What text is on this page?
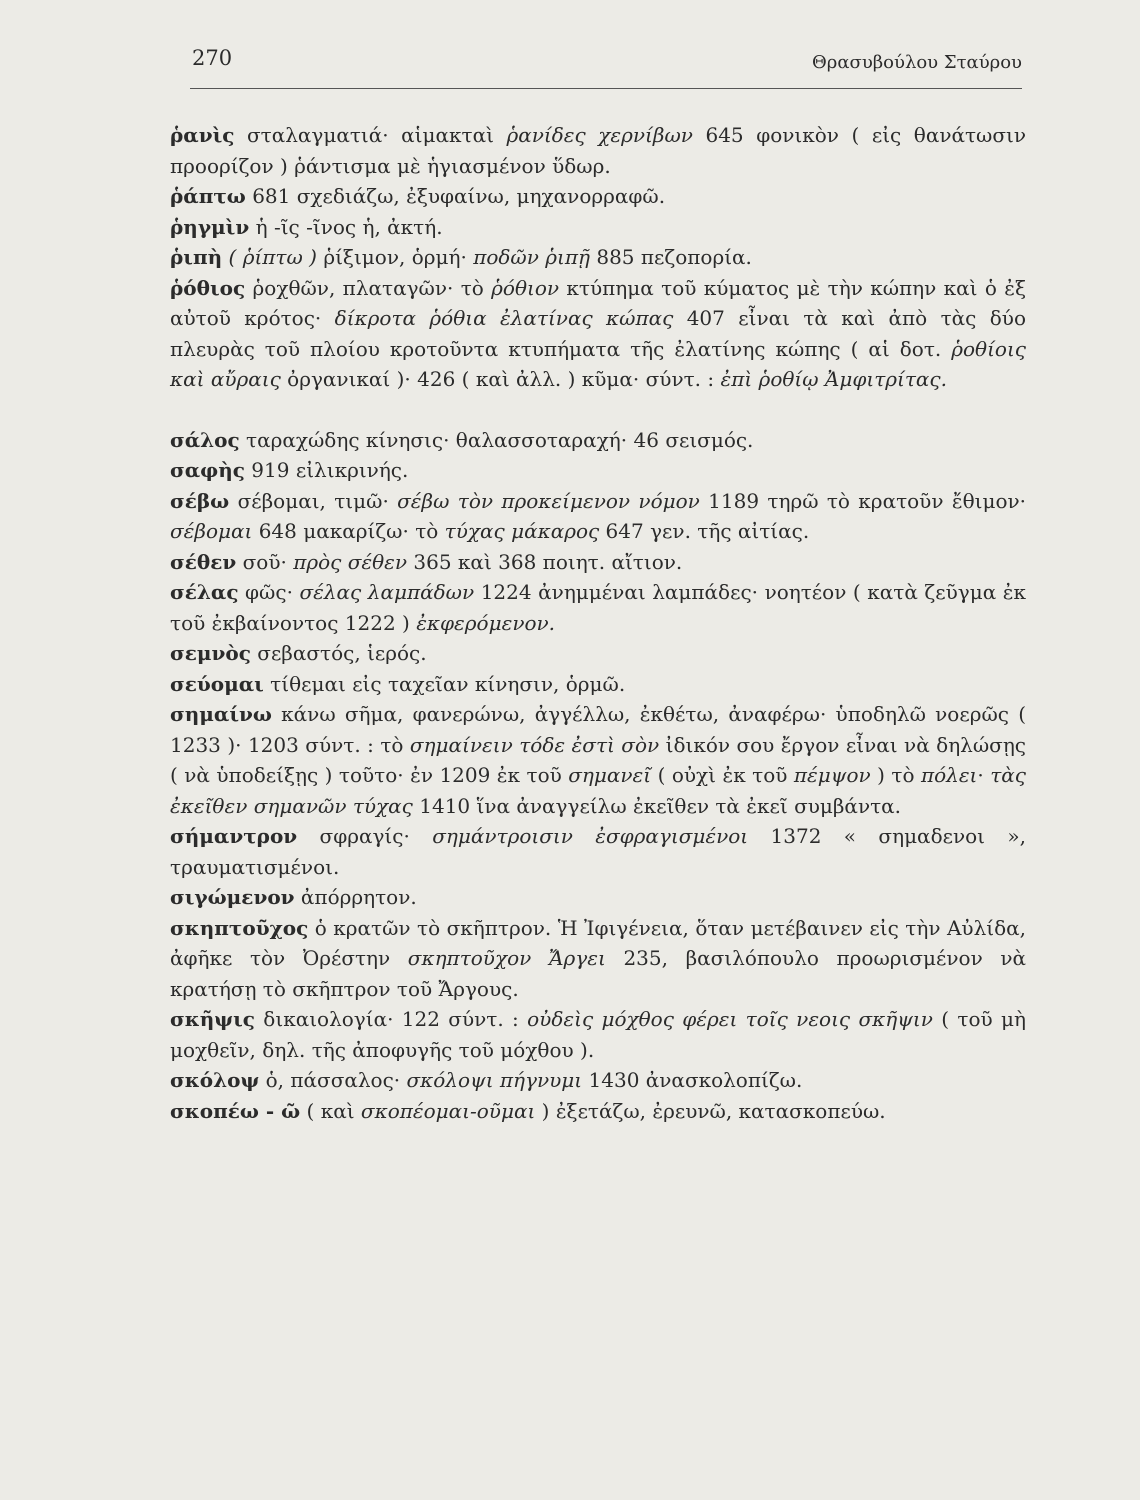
270	Θρασυβούλου Σταύρου

ῥανὶς σταλαγματιά· αἱμακταὶ ῥανίδες χερνίβων 645 φονικὸν ( εἰς θανάτωσιν προορίζον ) ῥάντισμα μὲ ἡγιασμένον ὕδωρ.

ῥάπτω 681 σχεδιάζω, ἐξυφαίνω, μηχανορραφῶ.

ῥηγμὶν ἡ -ῖς -ῖνος ἡ, ἀκτή.

ῥιπὴ ( ῥίπτω ) ῥίξιμον, ὁρμή· ποδῶν ῥιπῇ 885 πεζοπορία.

ῥόθιος ῥοχθῶν, πλαταγῶν· τὸ ῥόθιον κτύπημα τοῦ κύματος μὲ τὴν κώπην καὶ ὁ ἐξ αὐτοῦ κρότος· δίκροτα ῥόθια ἐλατίνας κώπας 407 εἶναι τὰ καὶ ἀπὸ τὰς δύο πλευρὰς τοῦ πλοίου κροτοῦντα κτυπήματα τῆς ἐλατίνης κώπης ( αἱ δοτ. ῥοθίοις καὶ αὔραις ὀργανικαί )· 426 ( καὶ ἀλλ. ) κῦμα· σύντ. : ἐπὶ ῥοθίῳ Ἀμφιτρίτας.

σάλος ταραχώδης κίνησις· θαλασσοταραχή· 46 σεισμός.

σαφὴς 919 εἰλικρινής.

σέβω σέβομαι, τιμῶ· σέβω τὸν προκείμενον νόμον 1189 τηρῶ τὸ κρατοῦν ἔθιμον· σέβομαι 648 μακαρίζω· τὸ τύχας μάκαρος 647 γεν. τῆς αἰτίας.

σέθεν σοῦ· πρὸς σέθεν 365 καὶ 368 ποιητ. αἴτιον.

σέλας φῶς· σέλας λαμπάδων 1224 ἀνημμέναι λαμπάδες· νοητέον ( κατὰ ζεῦγμα ἐκ τοῦ ἐκβαίνοντος 1222 ) ἐκφερόμενον.

σεμνὸς σεβαστός, ἱερός.

σεύομαι τίθεμαι εἰς ταχεῖαν κίνησιν, ὁρμῶ.

σημαίνω κάνω σῆμα, φανερώνω, ἀγγέλλω, ἐκθέτω, ἀναφέρω· ὑποδηλῶ νοερῶς ( 1233 )· 1203 σύντ. : τὸ σημαίνειν τόδε ἐστὶ σὸν ἰδικόν σου ἔργον εἶναι νὰ δηλώσῃς ( νὰ ὑποδείξῃς ) τοῦτο· ἐν 1209 ἐκ τοῦ σημανεῖ ( οὐχὶ ἐκ τοῦ πέμψον ) τὸ πόλει· τὰς ἐκεῖθεν σημανῶν τύχας 1410 ἵνα ἀναγγείλω ἐκεῖθεν τὰ ἐκεῖ συμβάντα.

σήμαντρον σφραγίς· σημάντροισιν ἐσφραγισμένοι 1372 « σημαδενοι », τραυματισμένοι.

σιγώμενον ἀπόρρητον.

σκηπτοῦχος ὁ κρατῶν τὸ σκῆπτρον. Ἡ Ἰφιγένεια, ὅταν μετέβαινεν εἰς τὴν Αὐλίδα, ἀφῆκε τὸν Ὀρέστην σκηπτοῦχον Ἄργει 235, βασιλόπουλο προωρισμένον νὰ κρατήσῃ τὸ σκῆπτρον τοῦ Ἄργους.

σκῆψις δικαιολογία· 122 σύντ. : οὐδεὶς μόχθος φέρει τοῖς νεοις σκῆψιν ( τοῦ μὴ μοχθεῖν, δηλ. τῆς ἀποφυγῆς τοῦ μόχθου ).

σκόλοψ ὁ, πάσσαλος· σκόλοψι πήγνυμι 1430 ἀνασκολοπίζω.

σκοπέω - ῶ ( καὶ σκοπέομαι-οῦμαι ) ἐξετάζω, ἐρευνῶ, κατασκοπεύω.
